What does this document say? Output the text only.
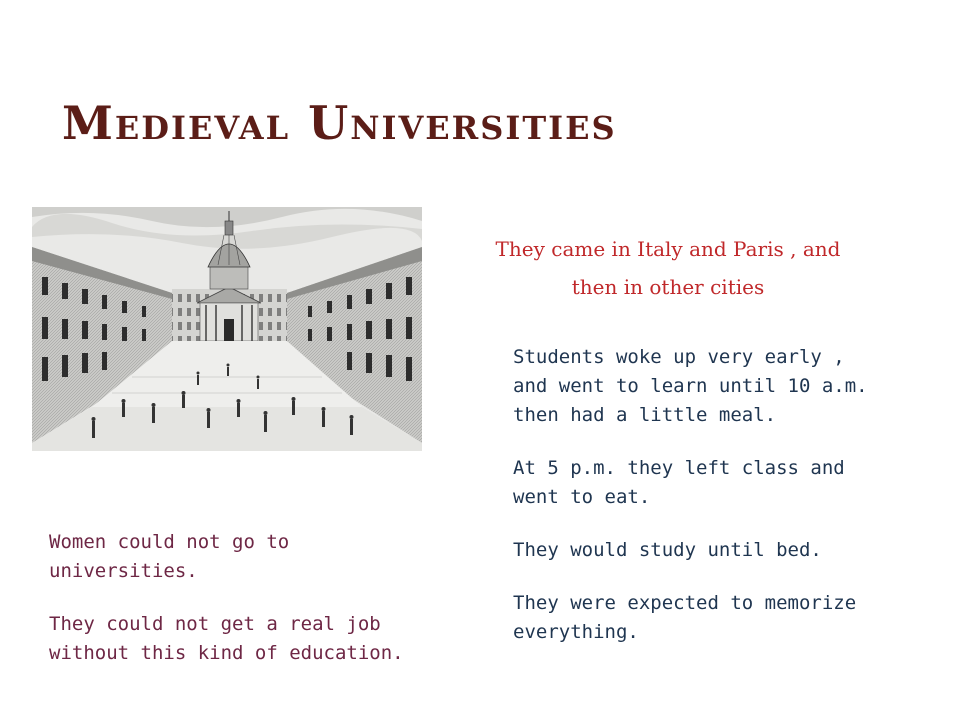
Medieval Universities
They came in Italy and Paris , and
then in other cities

Students woke up very early , and went to learn until 10 a.m. then had a little meal.

At 5 p.m. they left class and went to eat.

They would study until bed.

They were expected to memorize everything.

Women could not go to universities.

They could not get a real job without this kind of education.
